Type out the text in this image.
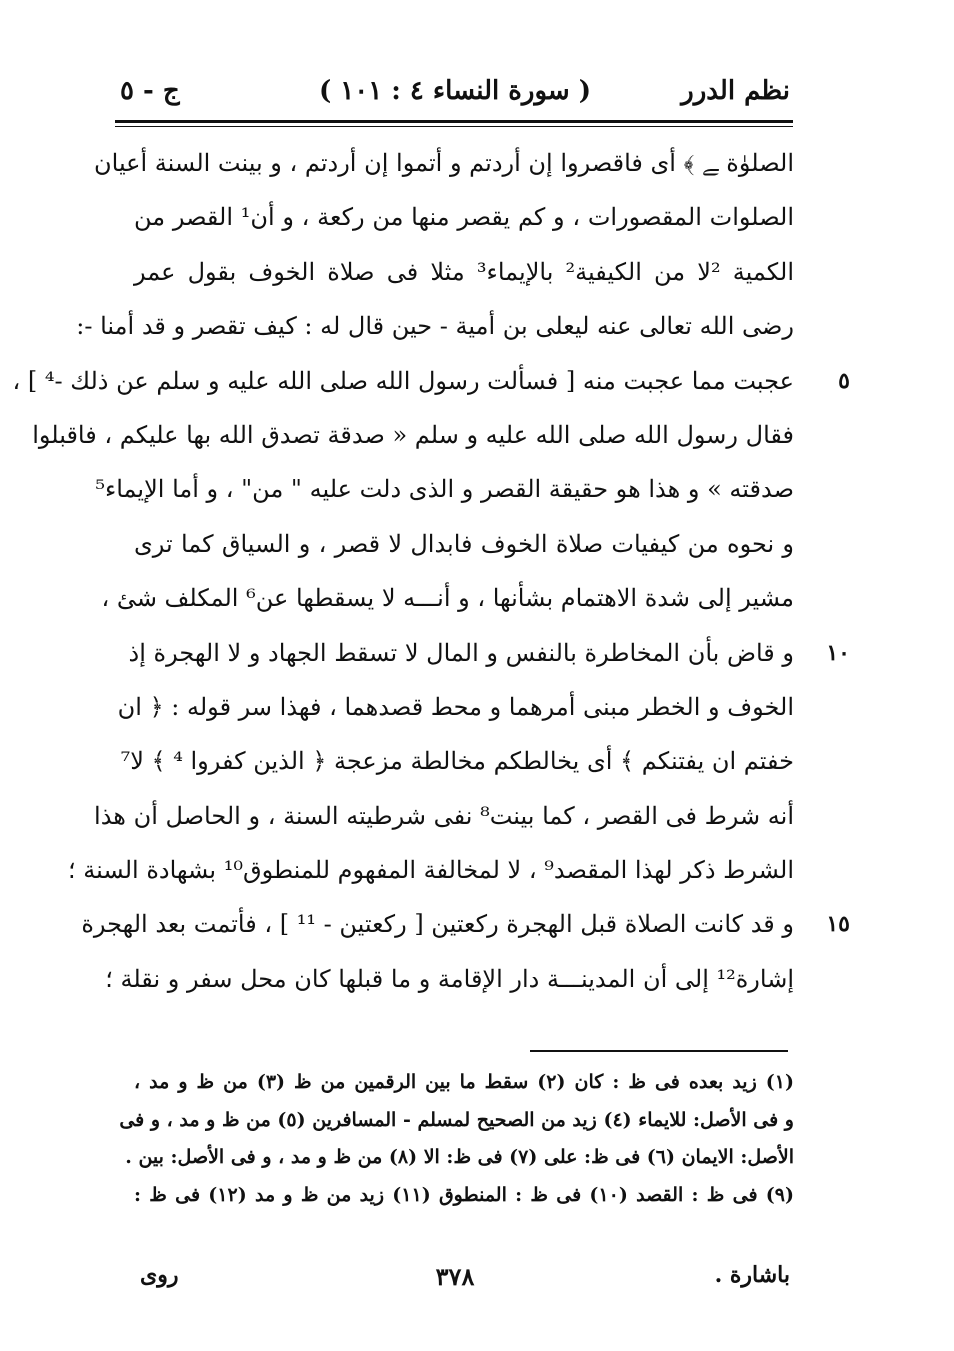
نظم الدرر
( سورة النساء ٤ : ١٠١ )
ج - ٥
الصلوٰة ﮯ ﴾ أى فاقصروا إن أردتم و أتموا إن أردتم ، و بينت السنة أعيان
الصلوات المقصورات ، و كم يقصر منها من ركعة ، و أن¹ القصر من
الكمية ²لا من الكيفية² بالإيماء³ مثلا فى صلاة الخوف بقول عمر
رضى الله تعالى عنه ليعلى بن أمية - حين قال له : كيف تقصر و قد أمنا -:
٥
عجبت مما عجبت منه [ فسألت رسول الله صلى الله عليه و سلم عن ذلك -⁴ ] ،
فقال رسول الله صلى الله عليه و سلم « صدقة تصدق الله بها عليكم ، فاقبلوا
صدقته » و هذا هو حقيقة القصر و الذى دلت عليه " من" ، و أما الإيماء⁵
و نحوه من كيفيات صلاة الخوف فابدال لا قصر ، و السياق كما ترى
مشير إلى شدة الاهتمام بشأنها ، و أنـــه لا يسقطها عن⁶ المكلف شئ ،
١٠
و قاض بأن المخاطرة بالنفس و المال لا تسقط الجهاد و لا الهجرة إذ
الخوف و الخطر مبنى أمرهما و محط قصدهما ، فهذا سر قوله : ﴿ ان
خفتم ان يفتنكم ﴾ أى يخالطكم مخالطة مزعجة ﴿ الذين كفروا ⁴ ﴾ لا⁷
أنه شرط فى القصر ، كما بينت⁸ نفى شرطيته السنة ، و الحاصل أن هذا
الشرط ذكر لهذا المقصد⁹ ، لا لمخالفة المفهوم للمنطوق¹⁰ بشهادة السنة ؛
١٥
و قد كانت الصلاة قبل الهجرة ركعتين [ ركعتين - ¹¹ ] ، فأتمت بعد الهجرة
إشارة¹² إلى أن المدينـــة دار الإقامة و ما قبلها كان محل سفر و نقلة ؛
(١) زيد بعده فى ظ : كان (٢) سقط ما بين الرقمين من ظ (٣) من ظ و مد ،
و فى الأصل: للايماء (٤) زيد من الصحيح لمسلم - المسافرين (٥) من ظ و مد ، و فى
الأصل: الايمان (٦) فى ظ: على (٧) فى ظ: الا (٨) من ظ و مد ، و فى الأصل: بين .
(٩) فى ظ : القصد (١٠) فى ظ : المنطوق (١١) زيد من ظ و مد (١٢) فى ظ :
باشارة .
٣٧٨
روى
